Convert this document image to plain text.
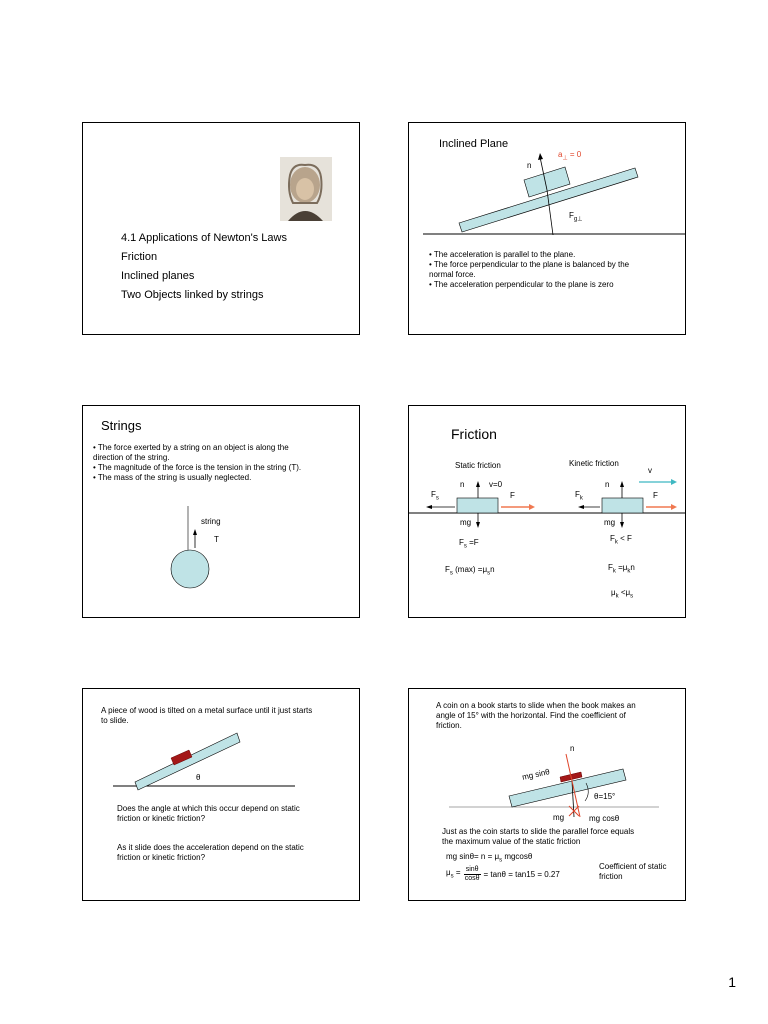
4.1 Applications of Newton's Laws
Friction
Inclined planes
Two Objects linked by strings
Inclined Plane
$a_\perp = 0$
n
$F_{g\perp}$
• The acceleration is parallel to the plane.
• The force perpendicular to the plane is balanced by the
normal force.
• The acceleration perpendicular to the plane is zero
Strings
• The force exerted by a string on an object is along the
direction of the string.
• The magnitude of the force is the tension in the string (T).
• The mass of the string is usually neglected.
string
T
Friction
Static friction	Kinetic friction
n	v=0
$F_s$	F
mg
n
v
$F_k$	F
mg
$F_s =F$
$F_s$ $(\max) =\mu_sn$
$F_k < F$
$F_k =\mu_kn$
$\mu_k <\mu_s$
A piece of wood is tilted on a metal surface until it just starts
to slide.
θ
Does the angle at which this occur depend on static
friction or kinetic friction?
As it slide does the acceleration depend on the static
friction or kinetic friction?
A coin on a book starts to slide when the book makes an
angle of 15° with the horizontal. Find the coefficient of
friction.
n
mg sinθ
θ=15°
mg	mg cosθ
Just as the coin starts to slide the parallel force equals
the maximum value of the static friction
mg $\sin\theta= n = \mu_s$ mgcosθ
$\mu_s = \frac{\sin\theta}{\cos\theta} = \tan\theta = \tan 15 = 0.27$
Coefficient of static
friction
1
